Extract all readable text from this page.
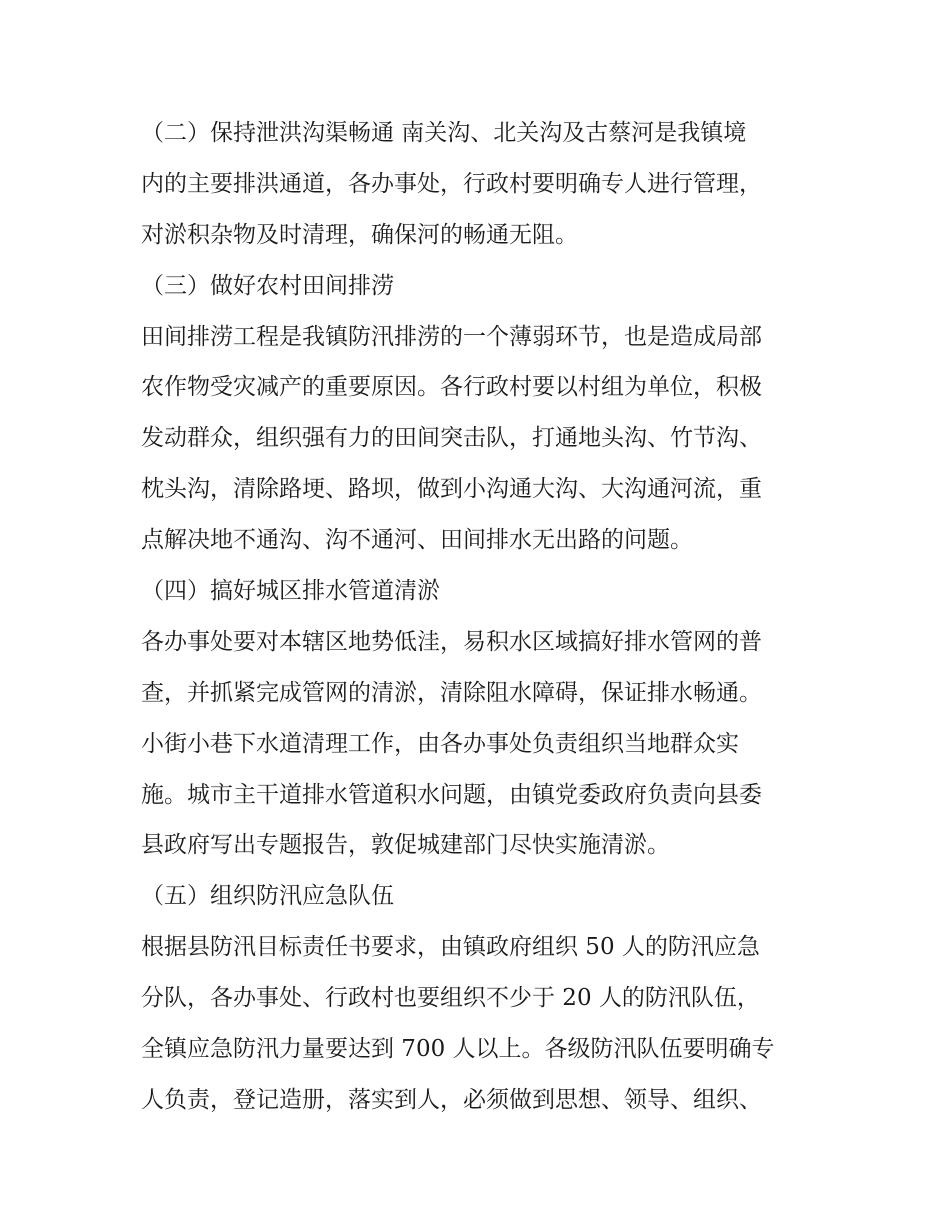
（二）保持泄洪沟渠畅通 南关沟、北关沟及古蔡河是我镇境
内的主要排洪通道，各办事处，行政村要明确专人进行管理，
对淤积杂物及时清理，确保河的畅通无阻。
（三）做好农村田间排涝
田间排涝工程是我镇防汛排涝的一个薄弱环节，也是造成局部
农作物受灾减产的重要原因。各行政村要以村组为单位，积极
发动群众，组织强有力的田间突击队，打通地头沟、竹节沟、
枕头沟，清除路埂、路坝，做到小沟通大沟、大沟通河流，重
点解决地不通沟、沟不通河、田间排水无出路的问题。
（四）搞好城区排水管道清淤
各办事处要对本辖区地势低洼，易积水区域搞好排水管网的普
查，并抓紧完成管网的清淤，清除阻水障碍，保证排水畅通。
小街小巷下水道清理工作，由各办事处负责组织当地群众实
施。城市主干道排水管道积水问题，由镇党委政府负责向县委
县政府写出专题报告，敦促城建部门尽快实施清淤。
（五）组织防汛应急队伍
根据县防汛目标责任书要求，由镇政府组织 50 人的防汛应急
分队，各办事处、行政村也要组织不少于 20 人的防汛队伍，
全镇应急防汛力量要达到 700 人以上。各级防汛队伍要明确专
人负责，登记造册，落实到人，必须做到思想、领导、组织、
